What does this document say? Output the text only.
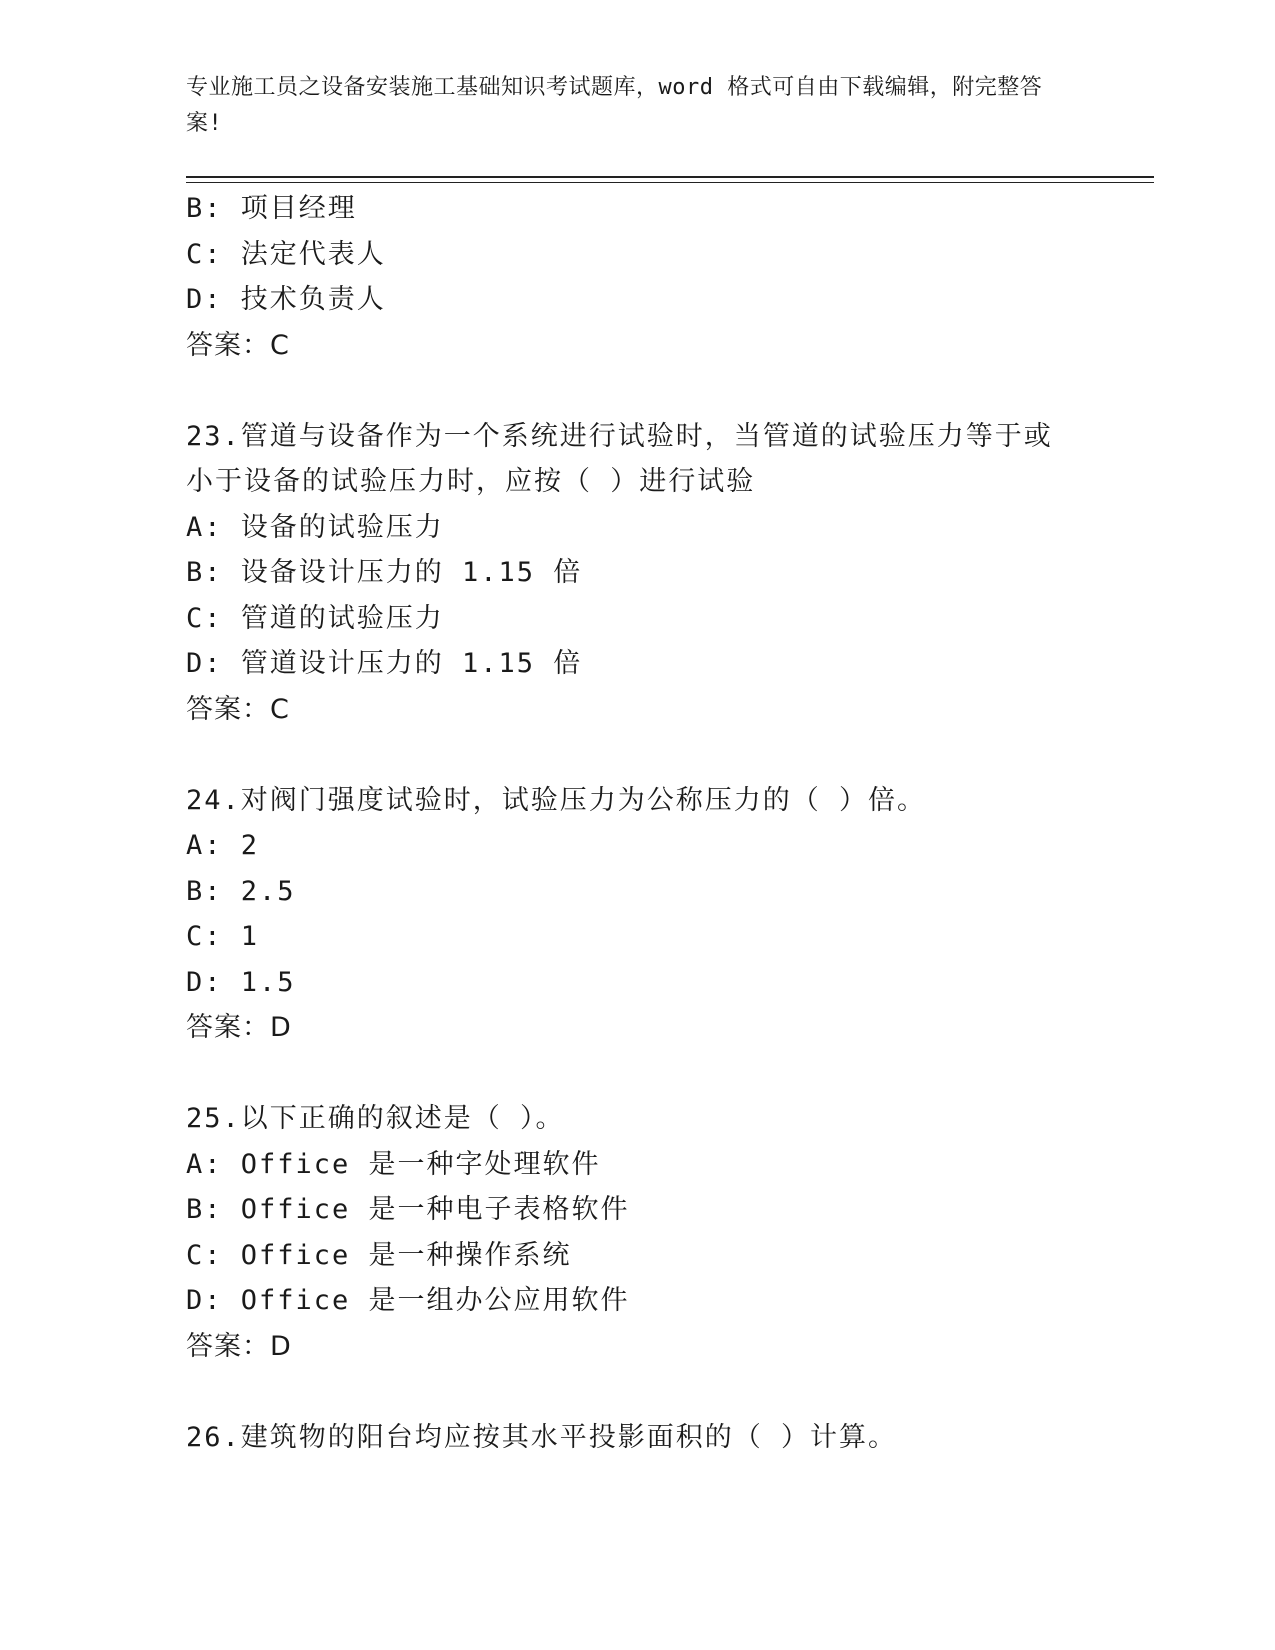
专业施工员之设备安装施工基础知识考试题库，word 格式可自由下载编辑，附完整答案!
B: 项目经理
C: 法定代表人
D: 技术负责人
答案：C
23.管道与设备作为一个系统进行试验时，当管道的试验压力等于或小于设备的试验压力时，应按（ ）进行试验
A: 设备的试验压力
B: 设备设计压力的 1.15 倍
C: 管道的试验压力
D: 管道设计压力的 1.15 倍
答案：C
24.对阀门强度试验时，试验压力为公称压力的（ ）倍。
A: 2
B: 2.5
C: 1
D: 1.5
答案：D
25.以下正确的叙述是（ ）。
A: Office 是一种字处理软件
B: Office 是一种电子表格软件
C: Office 是一种操作系统
D: Office 是一组办公应用软件
答案：D
26.建筑物的阳台均应按其水平投影面积的（ ）计算。
